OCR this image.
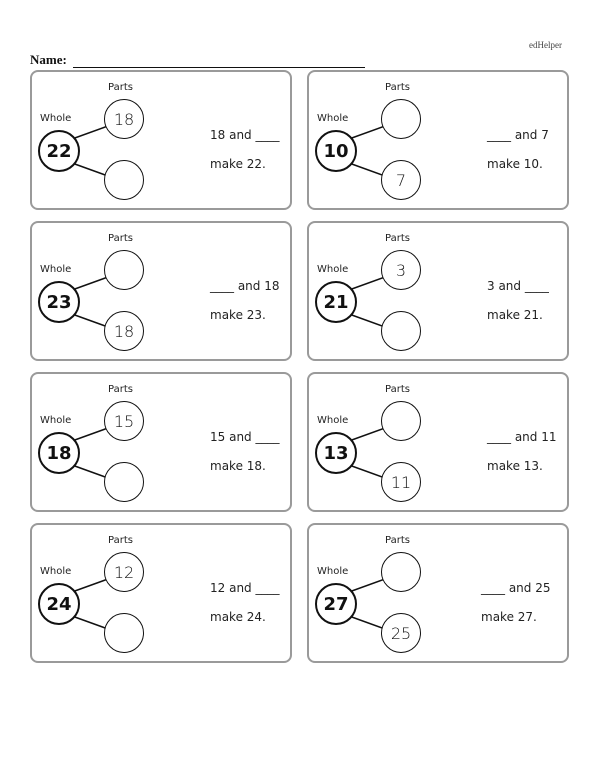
edHelper
Name:
Parts
Whole
22
18
18 and ____
make 22.
Parts
Whole
10
7
____ and 7
make 10.
Parts
Whole
23
18
____ and 18
make 23.
Parts
Whole
21
3
3 and ____
make 21.
Parts
Whole
18
15
15 and ____
make 18.
Parts
Whole
13
11
____ and 11
make 13.
Parts
Whole
24
12
12 and ____
make 24.
Parts
Whole
27
25
____ and 25
make 27.
